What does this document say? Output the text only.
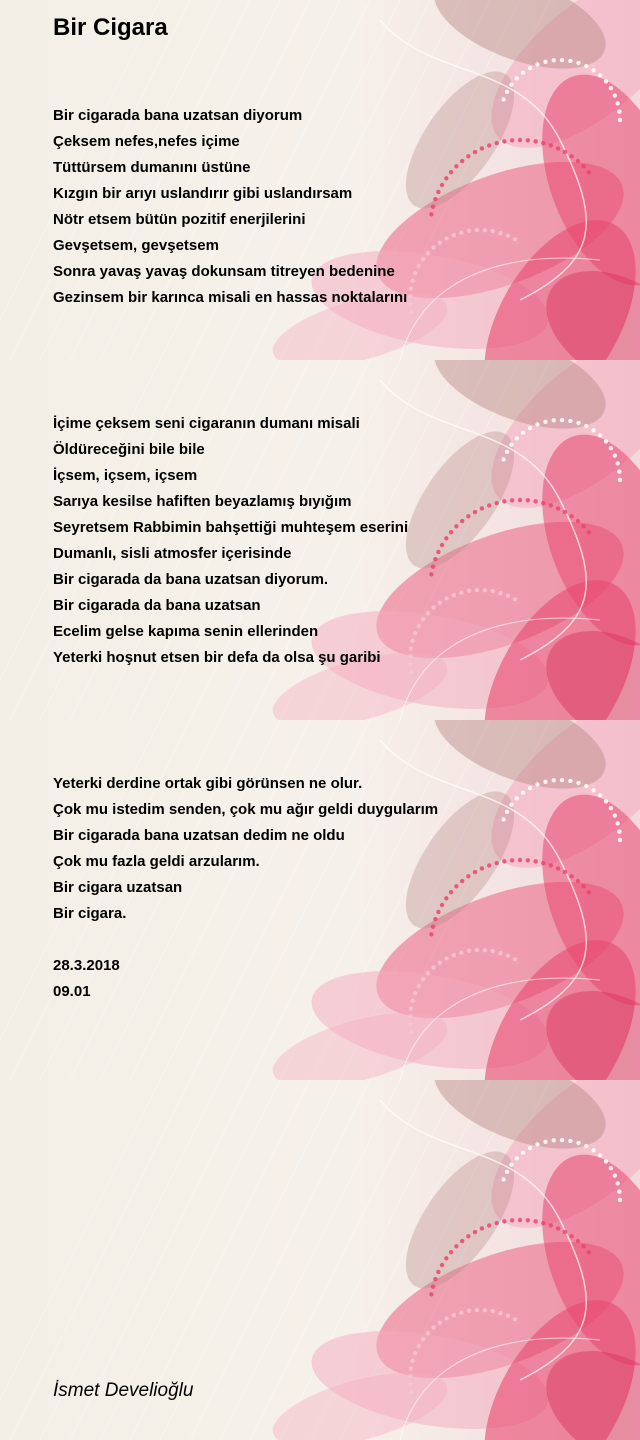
Bir Cigara
Bir cigarada bana uzatsan diyorum
Çeksem nefes,nefes içime
Tüttürsem dumanını üstüne
Kızgın bir arıyı uslandırır gibi uslandırsam
Nötr etsem bütün pozitif enerjilerini
Gevşetsem, gevşetsem
Sonra yavaş yavaş dokunsam titreyen bedenine
Gezinsem bir karınca misali en hassas noktalarını
İçime çeksem seni cigaranın dumanı misali
Öldüreceğini bile bile
İçsem, içsem, içsem
Sarıya kesilse hafiften beyazlamış bıyığım
Seyretsem Rabbimin bahşettiği muhteşem eserini
Dumanlı, sisli atmosfer içerisinde
Bir cigarada da bana uzatsan diyorum.
Bir cigarada da bana uzatsan
Ecelim gelse kapıma senin ellerinden
Yeterki hoşnut etsen bir defa da olsa şu garibi
Yeterki derdine ortak gibi görünsen ne olur.
Çok mu istedim senden, çok mu ağır geldi duygularım
Bir cigarada bana uzatsan dedim ne oldu
Çok mu fazla geldi arzularım.
Bir cigara uzatsan
Bir cigara.
28.3.2018
09.01
İsmet Develioğlu
